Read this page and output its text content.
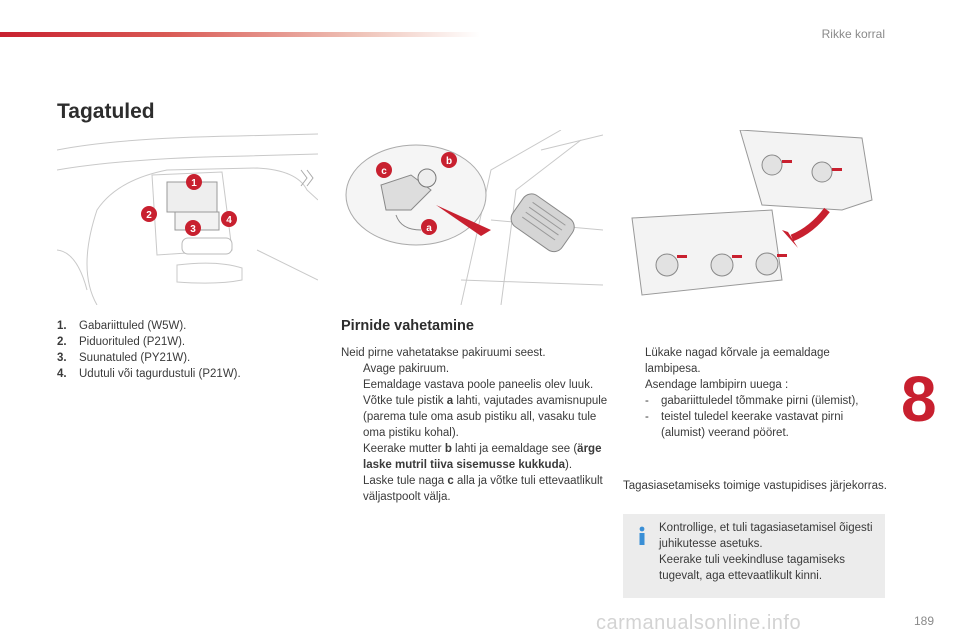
Rikke korral
Tagatuled
1
2
3
4
c
b
a
1. Gabariittuled (W5W).
2. Piduorituled (P21W).
3. Suunatuled (PY21W).
4. Udutuli või tagurdustuli (P21W).
Pirnide vahetamine
Neid pirne vahetatakse pakiruumi seest.
Avage pakiruum.
Eemaldage vastava poole paneelis olev luuk.
Võtke tule pistik a lahti, vajutades avamisnupule (parema tule oma asub pistiku all, vasaku tule oma pistiku kohal).
Keerake mutter b lahti ja eemaldage see (ärge laske mutril tiiva sisemusse kukkuda).
Laske tule naga c alla ja võtke tuli ettevaatlikult väljastpoolt välja.
Lükake nagad kõrvale ja eemaldage lambipesa.
Asendage lambipirn uuega :
- gabariittuledel tõmmake pirni (ülemist),
- teistel tuledel keerake vastavat pirni (alumist) veerand pööret.
Tagasiasetamiseks toimige vastupidises järjekorras.
Kontrollige, et tuli tagasiasetamisel õigesti juhikutesse asetuks.
Keerake tuli veekindluse tagamiseks tugevalt, aga ettevaatlikult kinni.
8
carmanualsonline.info	189
